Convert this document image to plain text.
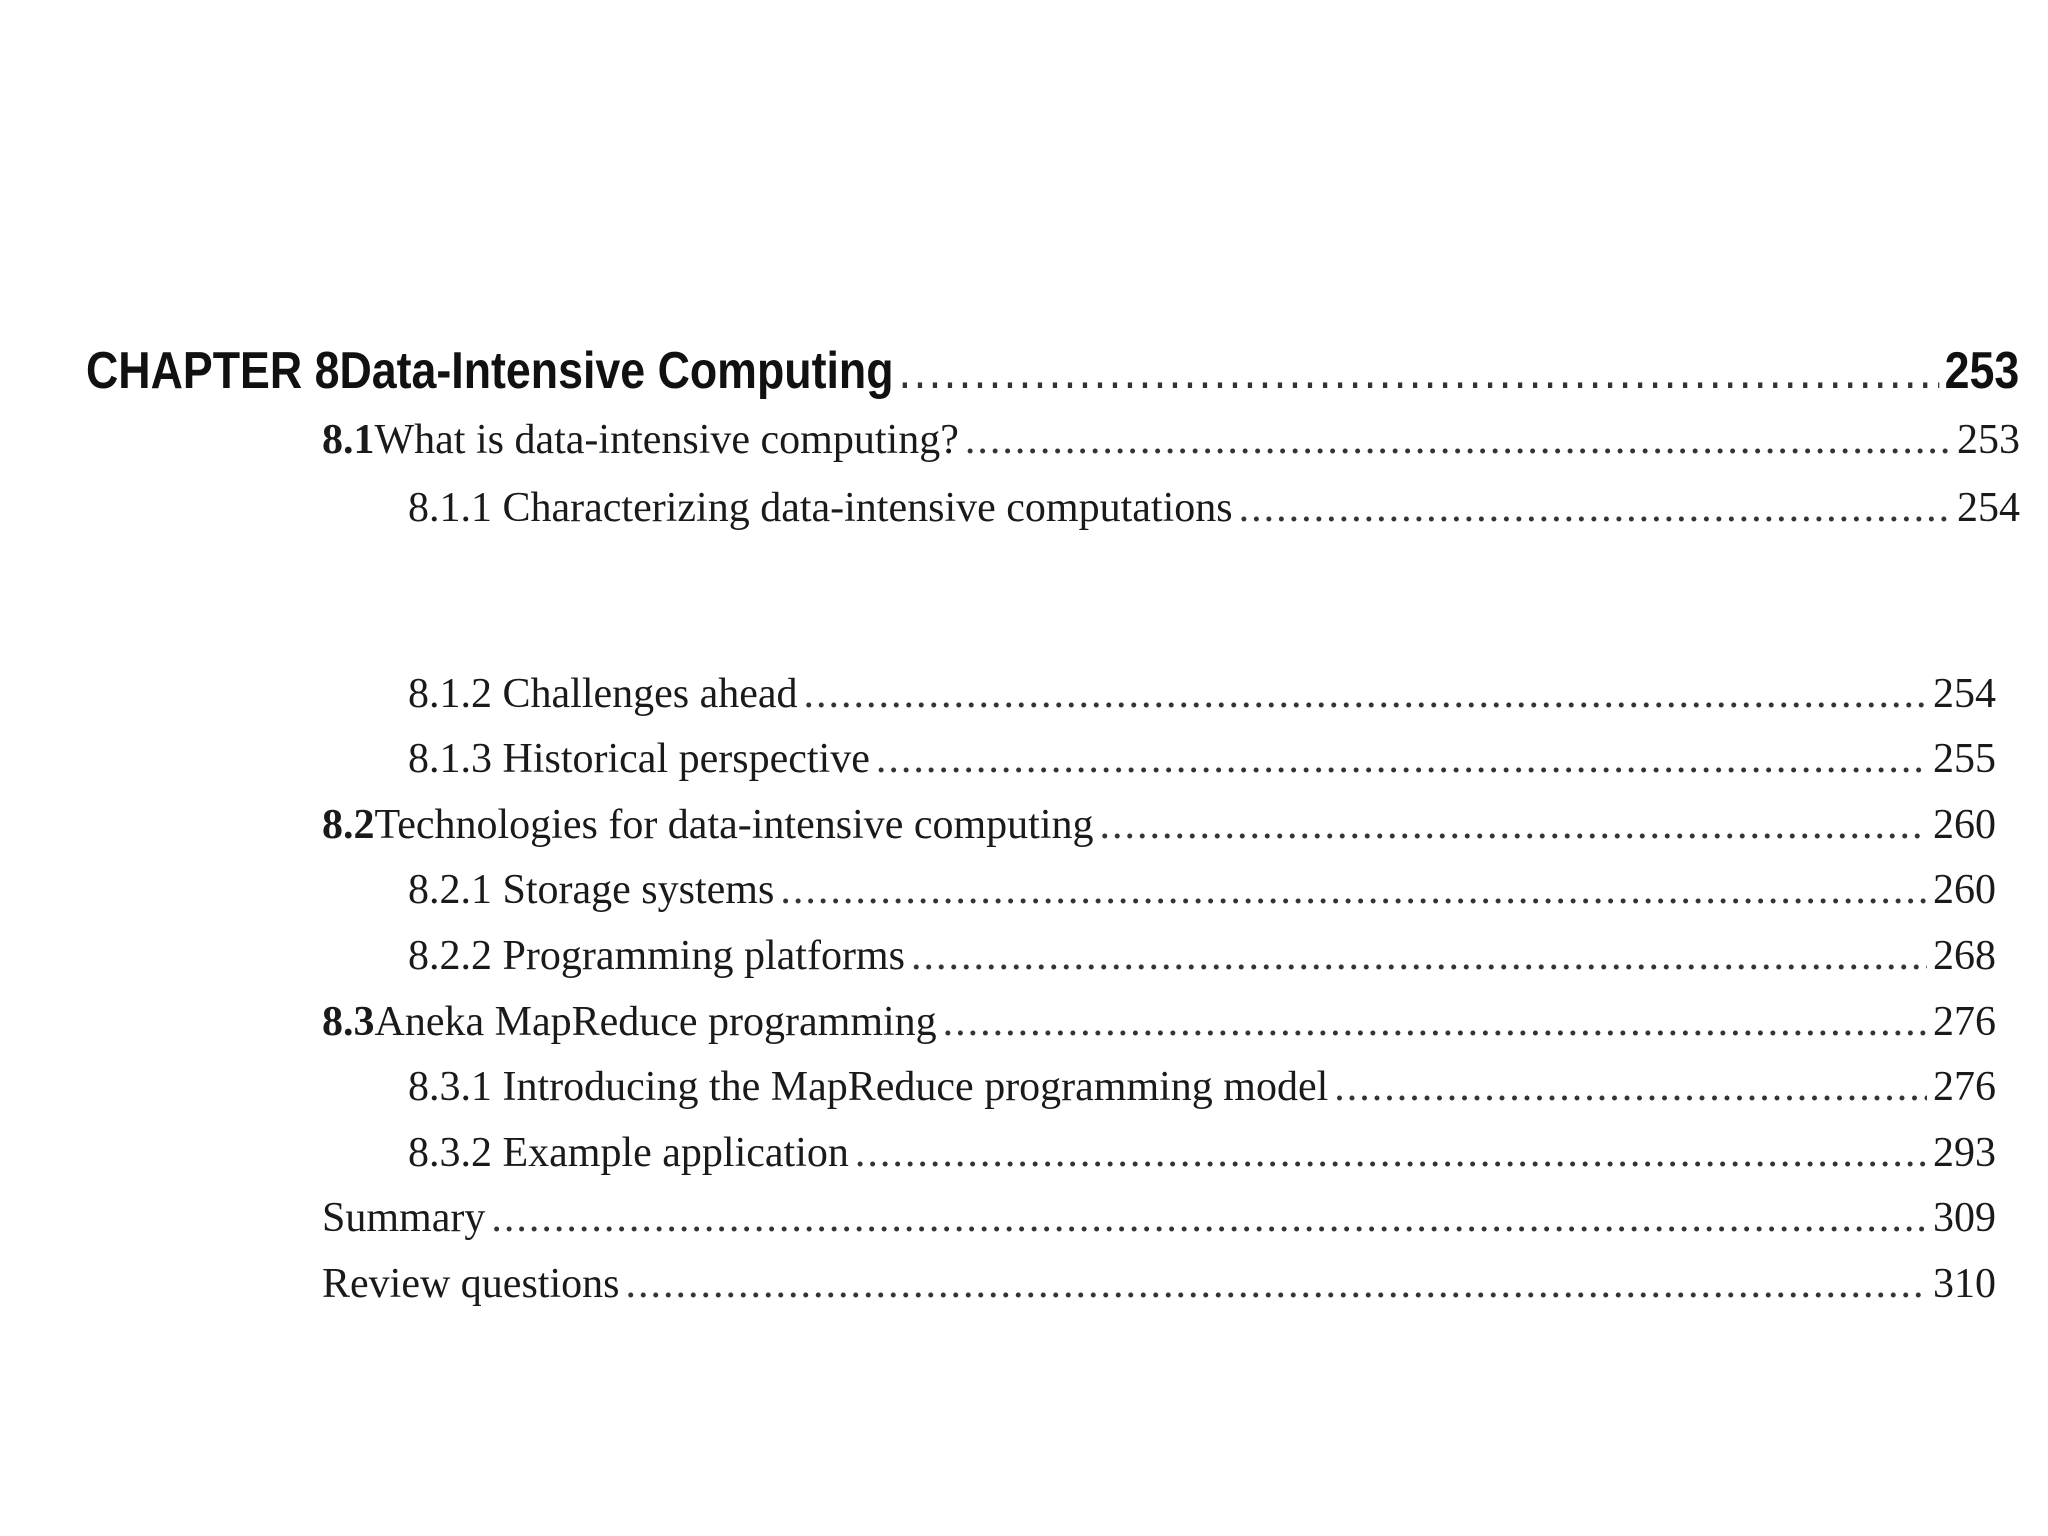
CHAPTER 8 Data-Intensive Computing .....	253
8.1 What is data-intensive computing? .....	253
8.1.1 Characterizing data-intensive computations .....	254
8.1.2 Challenges ahead .....	254
8.1.3 Historical perspective .....	255
8.2 Technologies for data-intensive computing .....	260
8.2.1 Storage systems .....	260
8.2.2 Programming platforms .....	268
8.3 Aneka MapReduce programming .....	276
8.3.1 Introducing the MapReduce programming model .....	276
8.3.2 Example application .....	293
Summary .....	309
Review questions .....	310
